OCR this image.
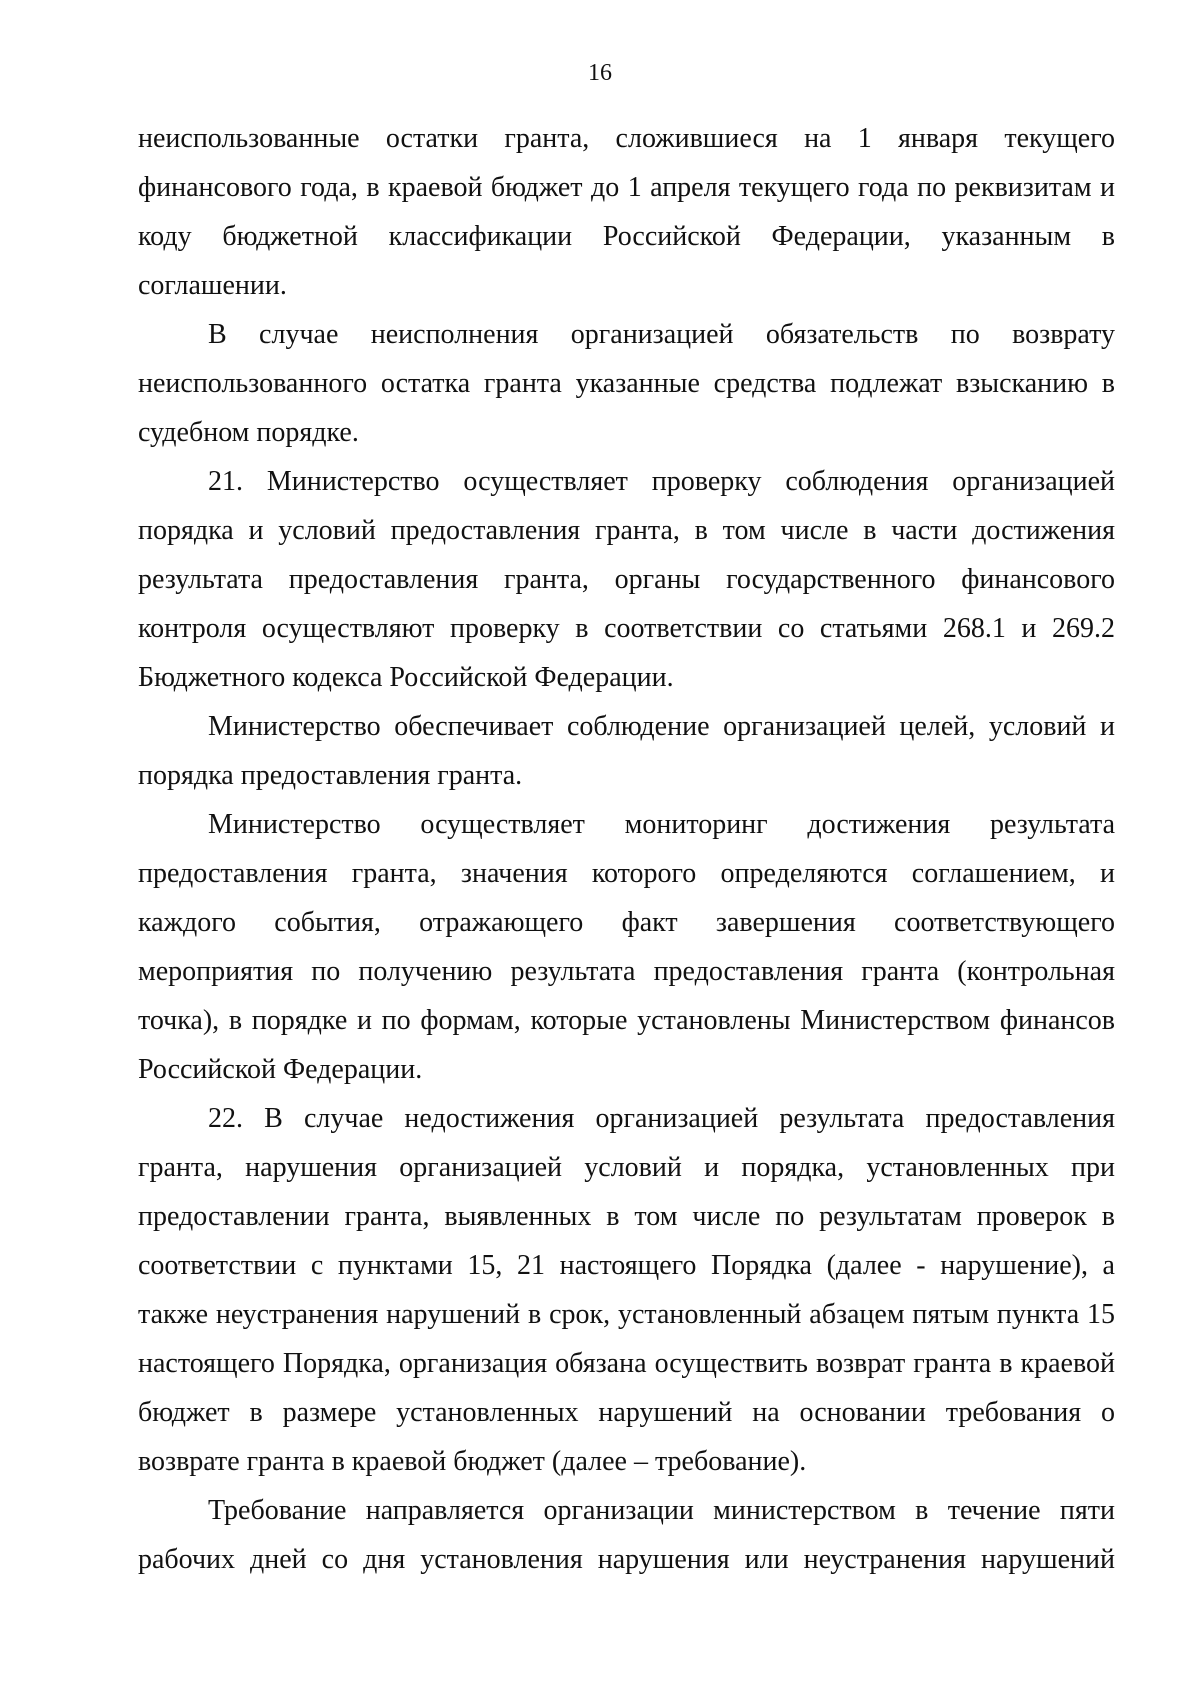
16

неиспользованные остатки гранта, сложившиеся на 1 января текущего финансового года, в краевой бюджет до 1 апреля текущего года по реквизитам и коду бюджетной классификации Российской Федерации, указанным в соглашении.

В случае неисполнения организацией обязательств по возврату неиспользованного остатка гранта указанные средства подлежат взысканию в судебном порядке.

21. Министерство осуществляет проверку соблюдения организацией порядка и условий предоставления гранта, в том числе в части достижения результата предоставления гранта, органы государственного финансового контроля осуществляют проверку в соответствии со статьями 268.1 и 269.2 Бюджетного кодекса Российской Федерации.

Министерство обеспечивает соблюдение организацией целей, условий и порядка предоставления гранта.

Министерство осуществляет мониторинг достижения результата предоставления гранта, значения которого определяются соглашением, и каждого события, отражающего факт завершения соответствующего мероприятия по получению результата предоставления гранта (контрольная точка), в порядке и по формам, которые установлены Министерством финансов Российской Федерации.

22. В случае недостижения организацией результата предоставления гранта, нарушения организацией условий и порядка, установленных при предоставлении гранта, выявленных в том числе по результатам проверок в соответствии с пунктами 15, 21 настоящего Порядка (далее - нарушение), а также неустранения нарушений в срок, установленный абзацем пятым пункта 15 настоящего Порядка, организация обязана осуществить возврат гранта в краевой бюджет в размере установленных нарушений на основании требования о возврате гранта в краевой бюджет (далее – требование).

Требование направляется организации министерством в течение пяти рабочих дней со дня установления нарушения или неустранения нарушений
